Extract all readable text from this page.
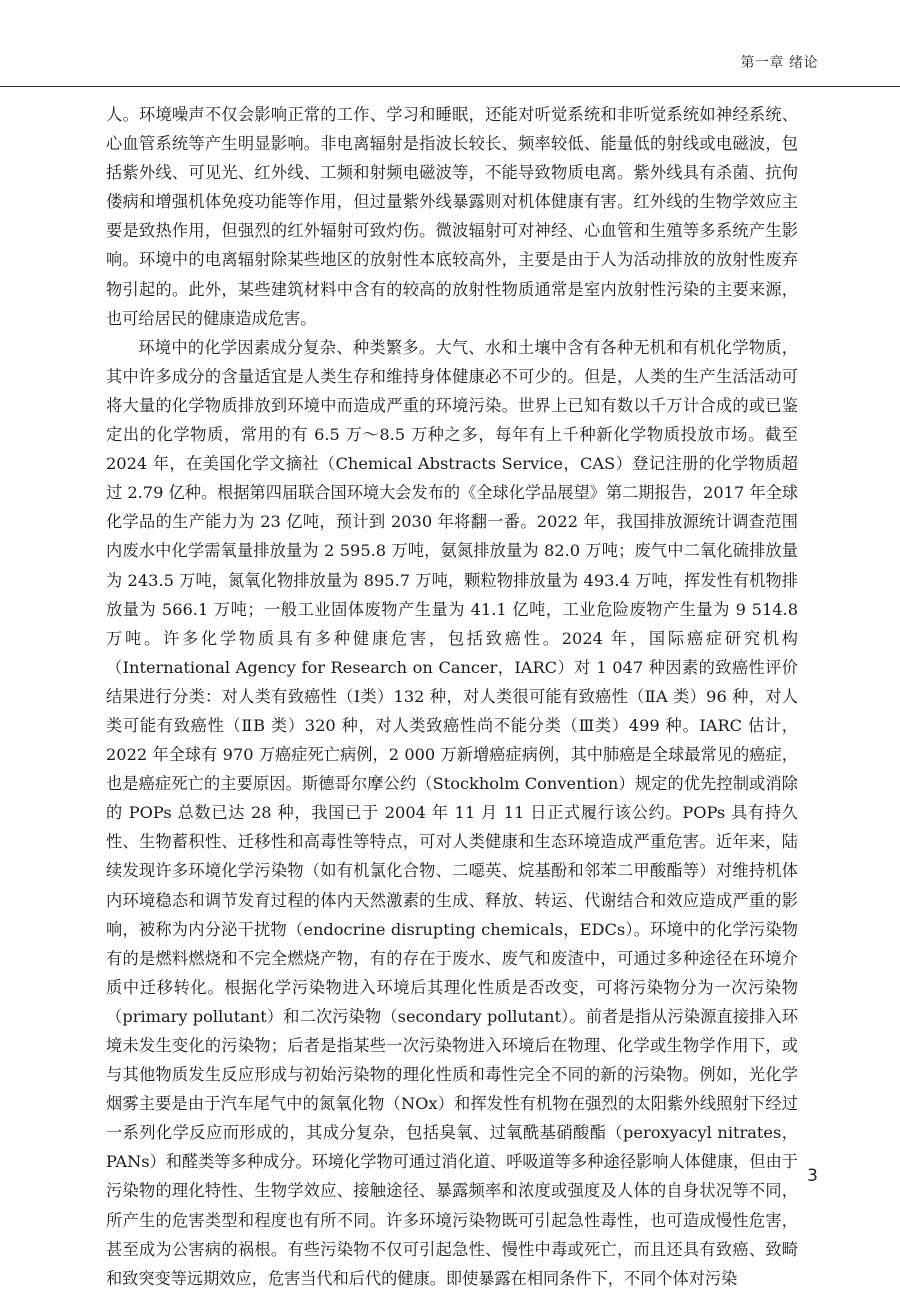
第一章 绪论

人。环境噪声不仅会影响正常的工作、学习和睡眠，还能对听觉系统和非听觉系统如神经系统、心血管系统等产生明显影响。非电离辐射是指波长较长、频率较低、能量低的射线或电磁波，包括紫外线、可见光、红外线、工频和射频电磁波等，不能导致物质电离。紫外线具有杀菌、抗佝偻病和增强机体免疫功能等作用，但过量紫外线暴露则对机体健康有害。红外线的生物学效应主要是致热作用，但强烈的红外辐射可致灼伤。微波辐射可对神经、心血管和生殖等多系统产生影响。环境中的电离辐射除某些地区的放射性本底较高外，主要是由于人为活动排放的放射性废弃物引起的。此外，某些建筑材料中含有的较高的放射性物质通常是室内放射性污染的主要来源，也可给居民的健康造成危害。

环境中的化学因素成分复杂、种类繁多。大气、水和土壤中含有各种无机和有机化学物质，其中许多成分的含量适宜是人类生存和维持身体健康必不可少的。但是，人类的生产生活活动可将大量的化学物质排放到环境中而造成严重的环境污染。世界上已知有数以千万计合成的或已鉴定出的化学物质，常用的有 6.5 万～8.5 万种之多，每年有上千种新化学物质投放市场。截至 2024 年，在美国化学文摘社（Chemical Abstracts Service，CAS）登记注册的化学物质超过 2.79 亿种。根据第四届联合国环境大会发布的《全球化学品展望》第二期报告，2017 年全球化学品的生产能力为 23 亿吨，预计到 2030 年将翻一番。2022 年，我国排放源统计调查范围内废水中化学需氧量排放量为 2 595.8 万吨，氨氮排放量为 82.0 万吨；废气中二氧化硫排放量为 243.5 万吨，氮氧化物排放量为 895.7 万吨，颗粒物排放量为 493.4 万吨，挥发性有机物排放量为 566.1 万吨；一般工业固体废物产生量为 41.1 亿吨，工业危险废物产生量为 9 514.8 万吨。许多化学物质具有多种健康危害，包括致癌性。2024 年，国际癌症研究机构（International Agency for Research on Cancer，IARC）对 1 047 种因素的致癌性评价结果进行分类：对人类有致癌性（Ⅰ类）132 种，对人类很可能有致癌性（ⅡA 类）96 种，对人类可能有致癌性（ⅡB 类）320 种，对人类致癌性尚不能分类（Ⅲ类）499 种。IARC 估计，2022 年全球有 970 万癌症死亡病例，2 000 万新增癌症病例，其中肺癌是全球最常见的癌症，也是癌症死亡的主要原因。斯德哥尔摩公约（Stockholm Convention）规定的优先控制或消除的 POPs 总数已达 28 种，我国已于 2004 年 11 月 11 日正式履行该公约。POPs 具有持久性、生物蓄积性、迁移性和高毒性等特点，可对人类健康和生态环境造成严重危害。近年来，陆续发现许多环境化学污染物（如有机氯化合物、二噁英、烷基酚和邻苯二甲酸酯等）对维持机体内环境稳态和调节发育过程的体内天然激素的生成、释放、转运、代谢结合和效应造成严重的影响，被称为内分泌干扰物（endocrine disrupting chemicals，EDCs）。环境中的化学污染物有的是燃料燃烧和不完全燃烧产物，有的存在于废水、废气和废渣中，可通过多种途径在环境介质中迁移转化。根据化学污染物进入环境后其理化性质是否改变，可将污染物分为一次污染物（primary pollutant）和二次污染物（secondary pollutant）。前者是指从污染源直接排入环境未发生变化的污染物；后者是指某些一次污染物进入环境后在物理、化学或生物学作用下，或与其他物质发生反应形成与初始污染物的理化性质和毒性完全不同的新的污染物。例如，光化学烟雾主要是由于汽车尾气中的氮氧化物（NOx）和挥发性有机物在强烈的太阳紫外线照射下经过一系列化学反应而形成的，其成分复杂，包括臭氧、过氧酰基硝酸酯（peroxyacyl nitrates，PANs）和醛类等多种成分。环境化学物可通过消化道、呼吸道等多种途径影响人体健康，但由于污染物的理化特性、生物学效应、接触途径、暴露频率和浓度或强度及人体的自身状况等不同，所产生的危害类型和程度也有所不同。许多环境污染物既可引起急性毒性，也可造成慢性危害，甚至成为公害病的祸根。有些污染物不仅可引起急性、慢性中毒或死亡，而且还具有致癌、致畸和致突变等远期效应，危害当代和后代的健康。即使暴露在相同条件下，不同个体对污染

3
